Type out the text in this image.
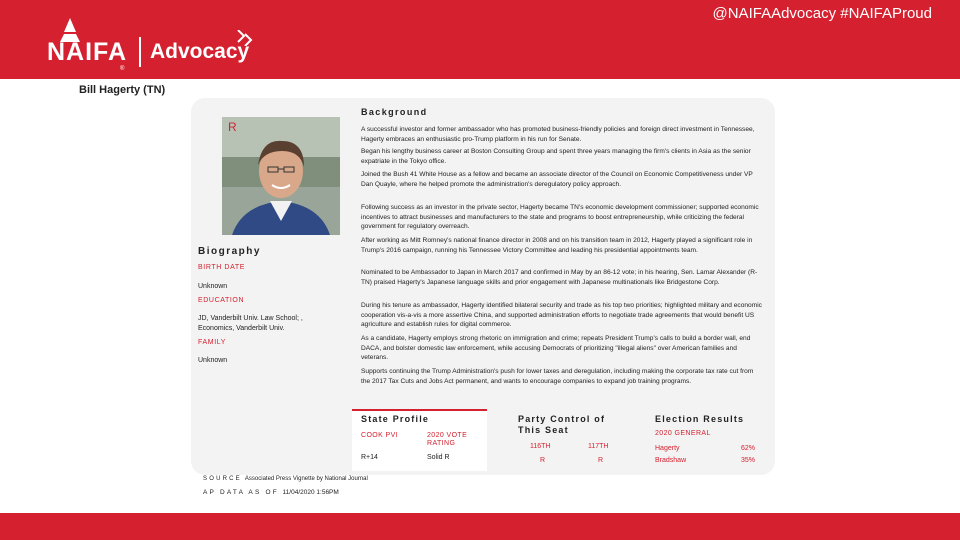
NAIFA
®
Advocacy
Bill Hagerty (TN)
R
Biography
BIRTH DATE
Unknown
EDUCATION
JD, Vanderbilt Univ. Law School; , Economics, Vanderbilt Univ.
FAMILY
Unknown
Background
A successful investor and former ambassador who has promoted business-friendly policies and foreign direct investment in Tennessee, Hagerty embraces an enthusiastic pro-Trump platform in his run for Senate.
Began his lengthy business career at Boston Consulting Group and spent three years managing the firm's clients in Asia as the senior expatriate in the Tokyo office.
Joined the Bush 41 White House as a fellow and became an associate director of the Council on Economic Competitiveness under VP Dan Quayle, where he helped promote the administration's deregulatory policy approach.
Following success as an investor in the private sector, Hagerty became TN's economic development commissioner; supported economic incentives to attract businesses and manufacturers to the state and programs to boost entrepreneurship, while criticizing the federal government for regulatory overreach.
After working as Mitt Romney's national finance director in 2008 and on his transition team in 2012, Hagerty played a significant role in Trump's 2016 campaign, running his Tennessee Victory Committee and leading his presidential appointments team.
Nominated to be Ambassador to Japan in March 2017 and confirmed in May by an 86-12 vote; in his hearing, Sen. Lamar Alexander (R-TN) praised Hagerty's Japanese language skills and prior engagement with Japanese multinationals like Bridgestone Corp.
During his tenure as ambassador, Hagerty identified bilateral security and trade as his top two priorities; highlighted military and economic cooperation vis-a-vis a more assertive China, and supported administration efforts to negotiate trade agreements that would benefit US agriculture and establish rules for digital commerce.
As a candidate, Hagerty employs strong rhetoric on immigration and crime; repeats President Trump's calls to build a border wall, end DACA, and bolster domestic law enforcement, while accusing Democrats of prioritizing "illegal aliens" over American families and veterans.
Supports continuing the Trump Administration's push for lower taxes and deregulation, including making the corporate tax rate cut from the 2017 Tax Cuts and Jobs Act permanent, and wants to encourage companies to expand job training programs.
State Profile
COOK PVI	2020 VOTE
RATING
R+14	Solid R
Party Control of
This Seat
116TH	117TH
R	R
Election Results
2020 GENERAL
Hagerty	62%
Bradshaw	35%
SOURCE Associated Press Vignette by National Journal
AP DATA AS OF 11/04/2020 1:56PM
@NAIFAAdvocacy #NAIFAProud
